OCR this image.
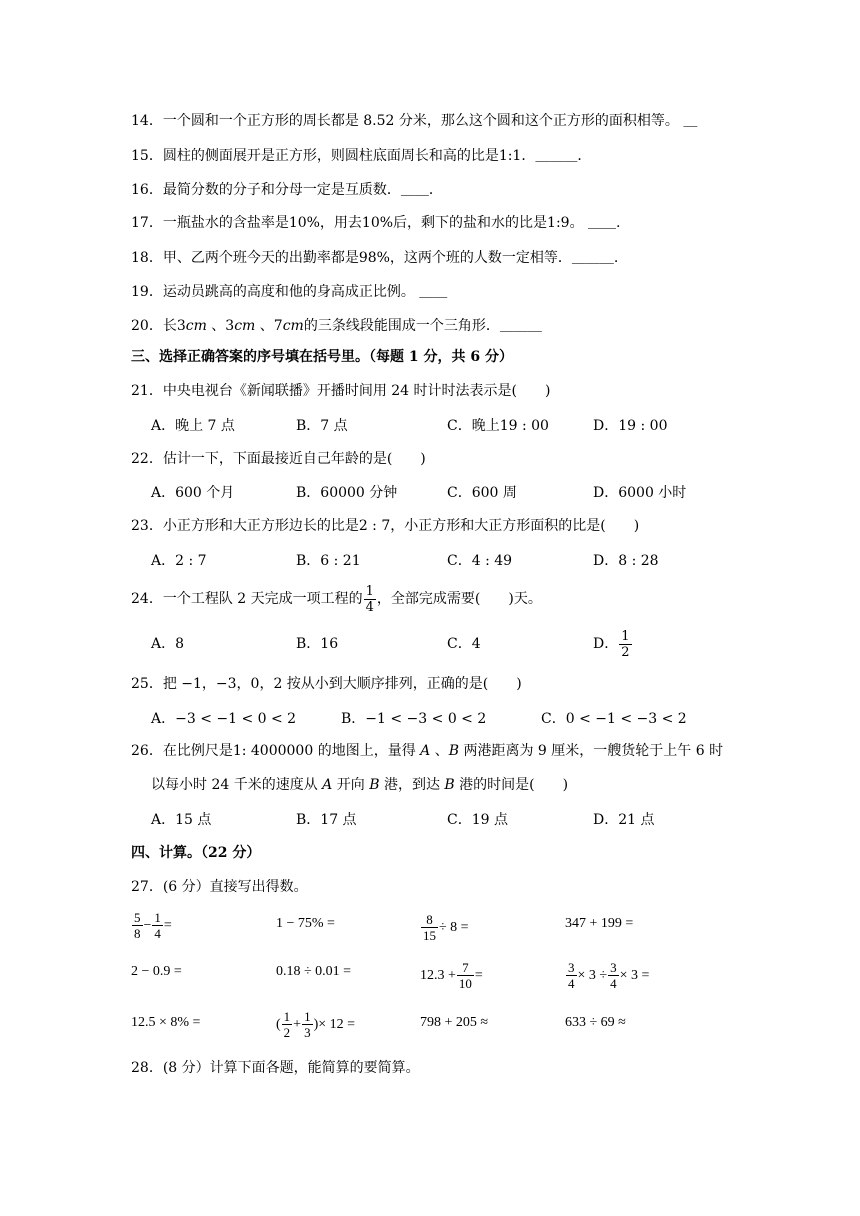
14．一个圆和一个正方形的周长都是 8.52 分米，那么这个圆和这个正方形的面积相等。 ＿
15．圆柱的侧面展开是正方形，则圆柱底面周长和高的比是1:1．＿＿＿．
16．最简分数的分子和分母一定是互质数．＿＿．
17．一瓶盐水的含盐率是10%，用去10%后，剩下的盐和水的比是1:9。 ＿＿.
18．甲、乙两个班今天的出勤率都是98%，这两个班的人数一定相等．＿＿＿.
19．运动员跳高的高度和他的身高成正比例。 ＿＿
20．长3cm 、3cm 、7cm的三条线段能围成一个三角形．＿＿＿
三、选择正确答案的序号填在括号里。（每题 1 分，共 6 分）
21．中央电视台《新闻联播》开播时间用 24 时计时法表示是(　　)
A．晚上 7 点	B．7 点	C．晚上19 : 00	D．19 : 00
22．估计一下，下面最接近自己年龄的是(　　)
A．600 个月	B．60000 分钟	C．600 周	D．6000 小时
23．小正方形和大正方形边长的比是2 : 7，小正方形和大正方形面积的比是(　　)
A．2 : 7	B．6 : 21	C．4 : 49	D．8 : 28
24．一个工程队 2 天完成一项工程的 $\frac{1}{4}$ ，全部完成需要(　　)天。
A．8	B．16	C．4	D． $\frac{1}{2}$
25．把 −1，−3，0，2 按从小到大顺序排列，正确的是(　　)
A．−3 < −1 < 0 < 2	B．−1 < −3 < 0 < 2	C．0 < −1 < −3 < 2
26．在比例尺是1: 4000000 的地图上，量得 A 、B 两港距离为 9 厘米，一艘货轮于上午 6 时
以每小时 24 千米的速度从 A 开向 B 港，到达 B 港的时间是(　　)
A．15 点	B．17 点	C．19 点	D．21 点
四、计算。（22 分）
27．(6 分）直接写出得数。
$\frac{5}{8} - \frac{1}{4}$ =	1 − 75% =	$\frac{8}{15} \div 8$ =	347 + 199 =
2 − 0.9 =	0.18 ÷ 0.01 =	$12.3 + \frac{7}{10}$ =	$\frac{3}{4} \times 3 \div \frac{3}{4} \times 3$ =
12.5 × 8% =	( $\frac{1}{2} + \frac{1}{3}$ )× 12 =	798 + 205 ≈	633 ÷ 69 ≈
28．(8 分）计算下面各题，能简算的要简算。
